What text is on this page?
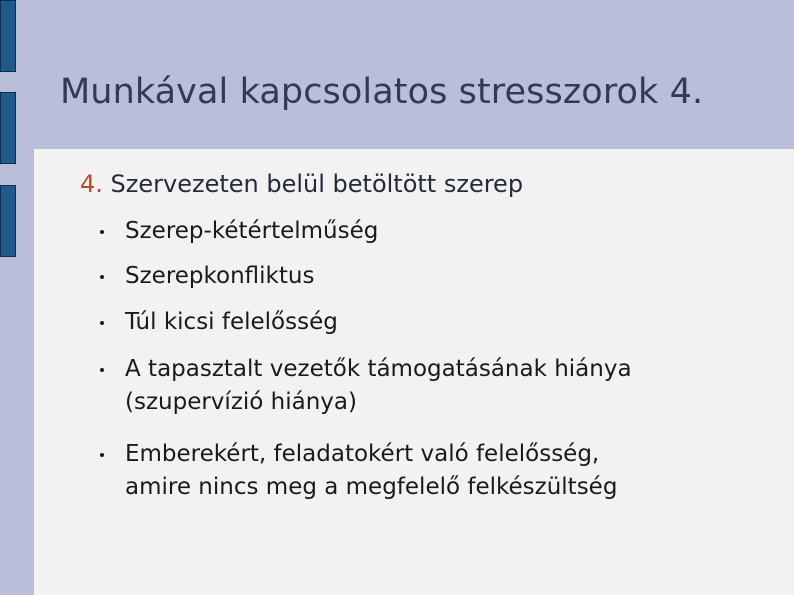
Munkával kapcsolatos stresszorok 4.
4. Szervezeten belül betöltött szerep
Szerep-kétértelműség
Szerepkonfliktus
Túl kicsi felelősség
A tapasztalt vezetők támogatásának hiánya
(szupervízió hiánya)
Emberekért, feladatokért való felelősség,
amire nincs meg a megfelelő felkészültség
